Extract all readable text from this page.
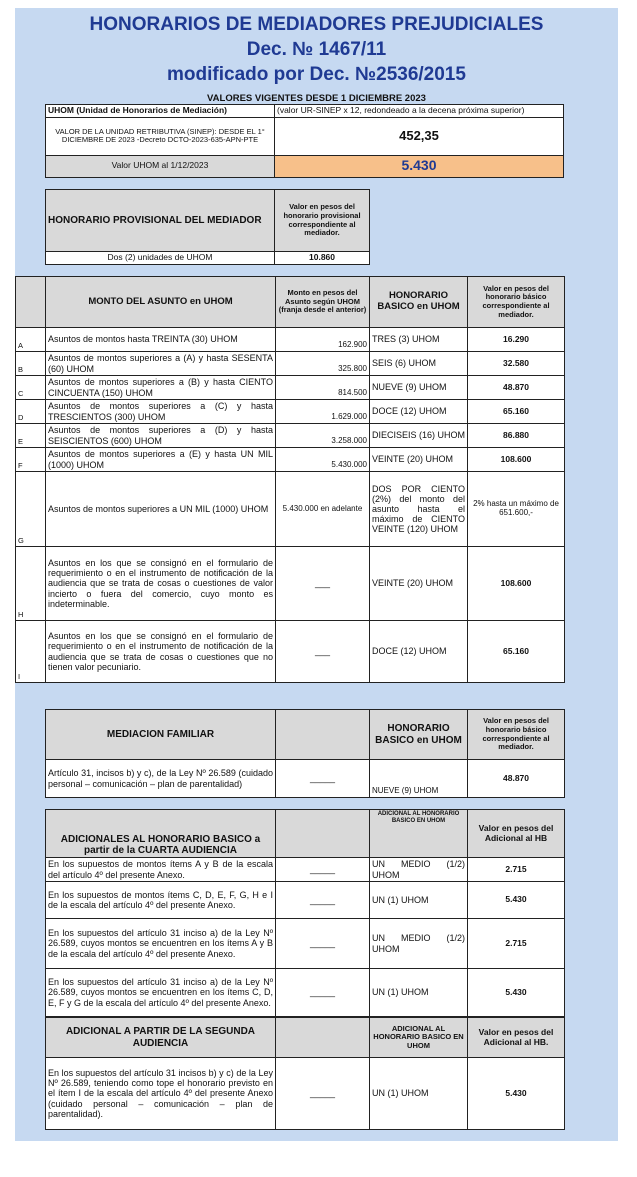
HONORARIOS DE MEDIADORES PREJUDICIALES
Dec. № 1467/11
modificado por Dec. №2536/2015
VALORES VIGENTES DESDE 1 DICIEMBRE 2023
UHOM (Unidad de Honorarios de Mediación)	(valor UR-SINEP x 12, redondeado a la decena próxima superior)
VALOR DE LA UNIDAD RETRIBUTIVA (SINEP): DESDE EL 1° DICIEMBRE DE 2023 -Decreto DCTO-2023-635-APN-PTE	452,35
Valor UHOM al 1/12/2023	5.430
HONORARIO PROVISIONAL DEL MEDIADOR	Valor en pesos del honorario provisional correspondiente al mediador.
Dos (2) unidades de UHOM	10.860
	MONTO DEL ASUNTO en UHOM	Monto en pesos del Asunto según UHOM (franja desde el anterior)	HONORARIO BASICO en UHOM	Valor en pesos del honorario básico correspondiente al mediador.
A	Asuntos de montos hasta TREINTA (30) UHOM	162.900	TRES (3) UHOM	16.290
B	Asuntos de montos superiores a (A) y hasta SESENTA (60) UHOM	325.800	SEIS (6) UHOM	32.580
C	Asuntos de montos superiores a (B) y hasta CIENTO CINCUENTA (150) UHOM	814.500	NUEVE (9) UHOM	48.870
D	Asuntos de montos superiores a (C) y hasta TRESCIENTOS (300) UHOM	1.629.000	DOCE (12) UHOM	65.160
E	Asuntos de montos superiores a (D) y hasta SEISCIENTOS (600) UHOM	3.258.000	DIECISEIS (16) UHOM	86.880
F	Asuntos de montos superiores a (E) y hasta UN MIL (1000) UHOM	5.430.000	VEINTE (20) UHOM	108.600
G	Asuntos de montos superiores a UN MIL (1000) UHOM	5.430.000 en adelante	DOS POR CIENTO (2%) del monto del asunto hasta el máximo de CIENTO VEINTE (120) UHOM	2% hasta un máximo de 651.600,-
H	Asuntos en los que se consignó en el formulario de requerimiento o en el instrumento de notificación de la audiencia que se trata de cosas o cuestiones de valor incierto o fuera del comercio, cuyo monto es indeterminable.	___	VEINTE (20) UHOM	108.600
I	Asuntos en los que se consignó en el formulario de requerimiento o en el instrumento de notificación de la audiencia que se trata de cosas o cuestiones que no tienen valor pecuniario.	___	DOCE (12) UHOM	65.160
MEDIACION FAMILIAR		HONORARIO BASICO en UHOM	Valor en pesos del honorario básico correspondiente al mediador.
Artículo 31, incisos b) y c), de la Ley Nº 26.589 (cuidado personal – comunicación – plan de parentalidad)	_____	NUEVE (9) UHOM	48.870
ADICIONALES AL HONORARIO BASICO a partir de la CUARTA AUDIENCIA		ADICIONAL AL HONORARIO BASICO EN UHOM	Valor en pesos del Adicional al HB
En los supuestos de montos ítems A y B de la escala del artículo 4º del presente Anexo.	_____	UN MEDIO (1/2) UHOM	2.715
En los supuestos de montos ítems C, D, E, F, G, H e I de la escala del artículo 4º del presente Anexo.	_____	UN (1) UHOM	5.430
En los supuestos del artículo 31 inciso a) de la Ley Nº 26.589, cuyos montos se encuentren en los ítems A y B de la escala del artículo 4º del presente Anexo.	_____	UN MEDIO (1/2) UHOM	2.715
En los supuestos del artículo 31 inciso a) de la Ley Nº 26.589, cuyos montos se encuentren en los ítems C, D, E, F y G de la escala del artículo 4º del presente Anexo.	_____	UN (1) UHOM	5.430
ADICIONAL A PARTIR DE LA SEGUNDA AUDIENCIA		ADICIONAL AL HONORARIO BASICO EN UHOM	Valor en pesos del Adicional al HB.
En los supuestos del artículo 31 incisos b) y c) de la Ley Nº 26.589, teniendo como tope el honorario previsto en el ítem I de la escala del artículo 4º del presente Anexo (cuidado personal – comunicación – plan de parentalidad).	_____	UN (1) UHOM	5.430
